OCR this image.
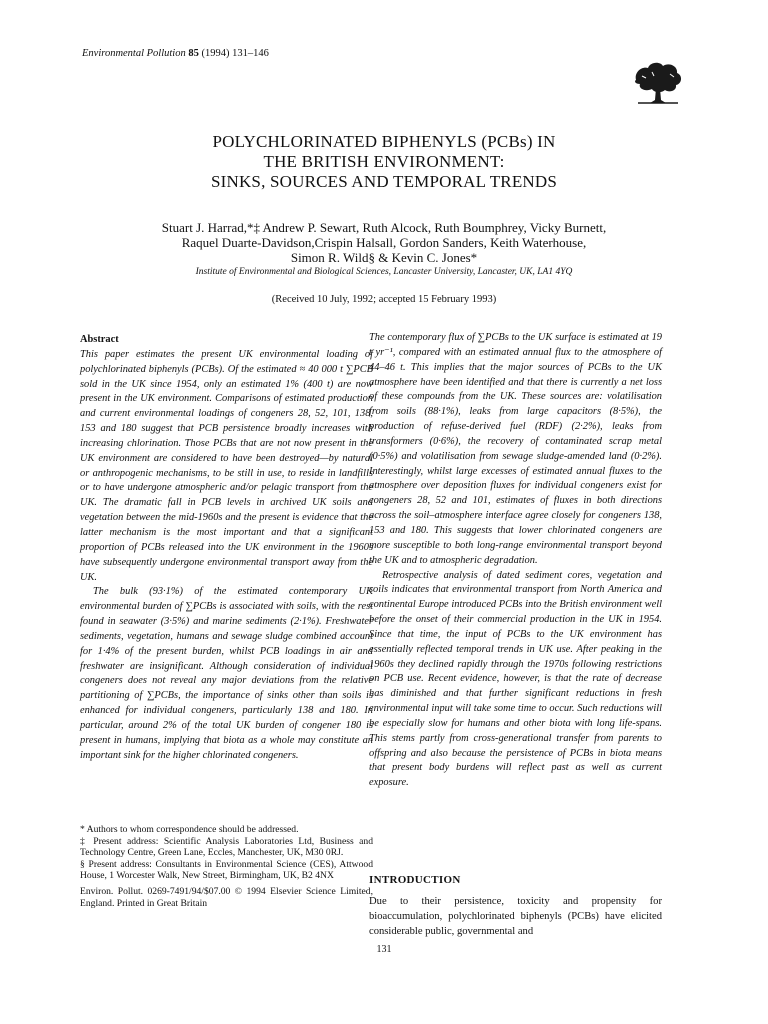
Environmental Pollution 85 (1994) 131–146
POLYCHLORINATED BIPHENYLS (PCBs) IN
THE BRITISH ENVIRONMENT:
SINKS, SOURCES AND TEMPORAL TRENDS
Stuart J. Harrad,*‡ Andrew P. Sewart, Ruth Alcock, Ruth Boumphrey, Vicky Burnett,
Raquel Duarte-Davidson,Crispin Halsall, Gordon Sanders, Keith Waterhouse,
Simon R. Wild§ & Kevin C. Jones*
Institute of Environmental and Biological Sciences, Lancaster University, Lancaster, UK, LA1 4YQ
(Received 10 July, 1992; accepted 15 February 1993)
Abstract
This paper estimates the present UK environmental loading of polychlorinated biphenyls (PCBs). Of the estimated ≈ 40 000 t ∑PCB sold in the UK since 1954, only an estimated 1% (400 t) are now present in the UK environment. Comparisons of estimated production and current environmental loadings of congeners 28, 52, 101, 138, 153 and 180 suggest that PCB persistence broadly increases with increasing chlorination. Those PCBs that are not now present in the UK environment are considered to have been destroyed—by natural or anthropogenic mechanisms, to be still in use, to reside in landfills or to have undergone atmospheric and/or pelagic transport from the UK. The dramatic fall in PCB levels in archived UK soils and vegetation between the mid-1960s and the present is evidence that the latter mechanism is the most important and that a significant proportion of PCBs released into the UK environment in the 1960s have subsequently undergone environmental transport away from the UK.
The bulk (93·1%) of the estimated contemporary UK environmental burden of ∑PCBs is associated with soils, with the rest found in seawater (3·5%) and marine sediments (2·1%). Freshwater sediments, vegetation, humans and sewage sludge combined account for 1·4% of the present burden, whilst PCB loadings in air and freshwater are insignificant. Although consideration of individual congeners does not reveal any major deviations from the relative partitioning of ∑PCBs, the importance of sinks other than soils is enhanced for individual congeners, particularly 138 and 180. In particular, around 2% of the total UK burden of congener 180 is present in humans, implying that biota as a whole may constitute an important sink for the higher chlorinated congeners.

* Authors to whom correspondence should be addressed.

‡ Present address: Scientific Analysis Laboratories Ltd, Business and Technology Centre, Green Lane, Eccles, Manchester, UK, M30 0RJ.

§ Present address: Consultants in Environmental Science (CES), Attwood House, 1 Worcester Walk, New Street, Birmingham, UK, B2 4NX

Environ. Pollut. 0269-7491/94/$07.00 © 1994 Elsevier Science Limited, England. Printed in Great Britain

The contemporary flux of ∑PCBs to the UK surface is estimated at 19 t yr⁻¹, compared with an estimated annual flux to the atmosphere of 44–46 t. This implies that the major sources of PCBs to the UK atmosphere have been identified and that there is currently a net loss of these compounds from the UK. These sources are: volatilisation from soils (88·1%), leaks from large capacitors (8·5%), the production of refuse-derived fuel (RDF) (2·2%), leaks from transformers (0·6%), the recovery of contaminated scrap metal (0·5%) and volatilisation from sewage sludge-amended land (0·2%). Interestingly, whilst large excesses of estimated annual fluxes to the atmosphere over deposition fluxes for individual congeners exist for congeners 28, 52 and 101, estimates of fluxes in both directions across the soil–atmosphere interface agree closely for congeners 138, 153 and 180. This suggests that lower chlorinated congeners are more susceptible to both long-range environmental transport beyond the UK and to atmospheric degradation.
Retrospective analysis of dated sediment cores, vegetation and soils indicates that environmental transport from North America and continental Europe introduced PCBs into the British environment well before the onset of their commercial production in the UK in 1954. Since that time, the input of PCBs to the UK environment has essentially reflected temporal trends in UK use. After peaking in the 1960s they declined rapidly through the 1970s following restrictions on PCB use. Recent evidence, however, is that the rate of decrease has diminished and that further significant reductions in fresh environmental input will take some time to occur. Such reductions will be especially slow for humans and other biota with long life-spans. This stems partly from cross-generational transfer from parents to offspring and also because the persistence of PCBs in biota means that present body burdens will reflect past as well as current exposure.
INTRODUCTION
Due to their persistence, toxicity and propensity for bioaccumulation, polychlorinated biphenyls (PCBs) have elicited considerable public, governmental and
131
